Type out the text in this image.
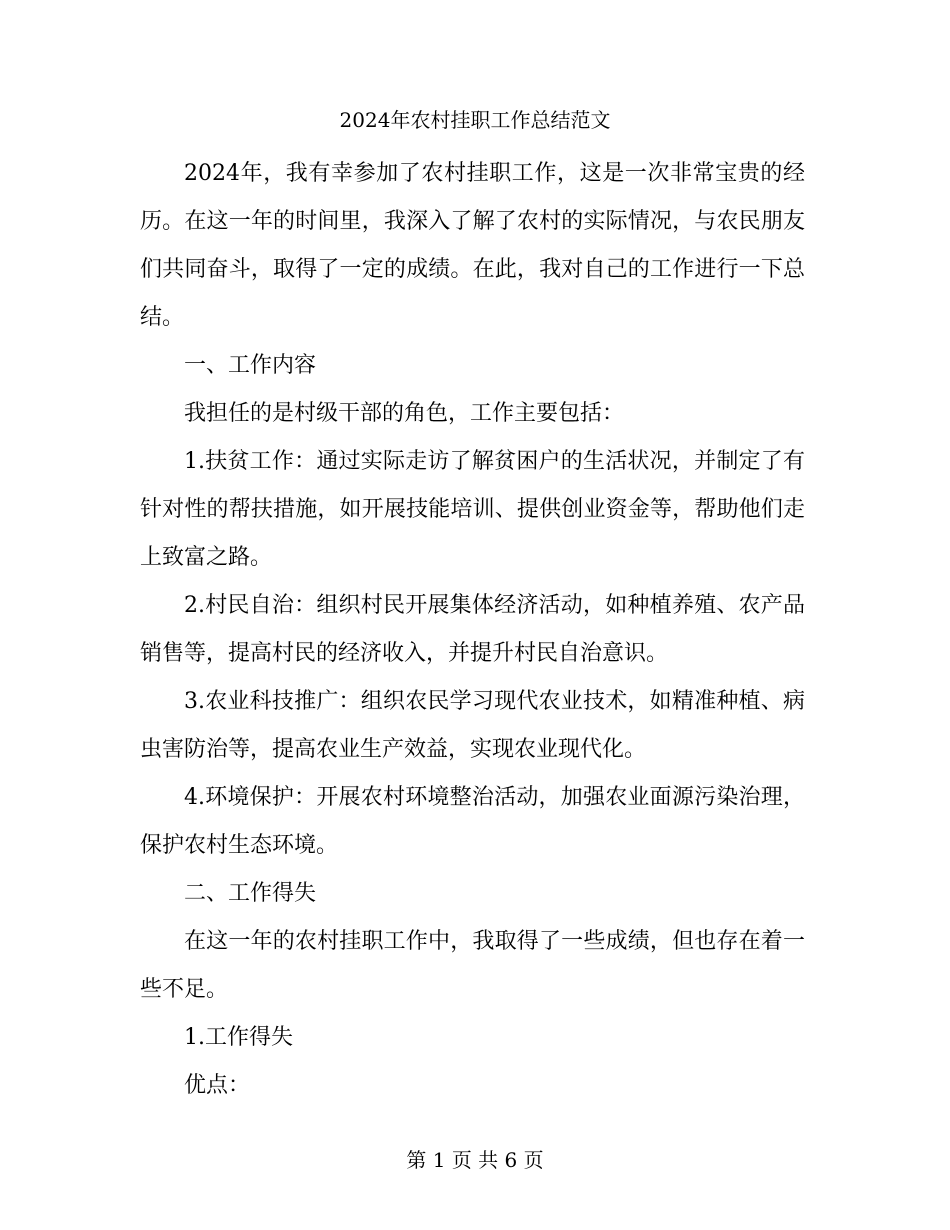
2024年农村挂职工作总结范文

2024年，我有幸参加了农村挂职工作，这是一次非常宝贵的经历。在这一年的时间里，我深入了解了农村的实际情况，与农民朋友们共同奋斗，取得了一定的成绩。在此，我对自己的工作进行一下总结。

一、工作内容

我担任的是村级干部的角色，工作主要包括：

1.扶贫工作：通过实际走访了解贫困户的生活状况，并制定了有针对性的帮扶措施，如开展技能培训、提供创业资金等，帮助他们走上致富之路。

2.村民自治：组织村民开展集体经济活动，如种植养殖、农产品销售等，提高村民的经济收入，并提升村民自治意识。

3.农业科技推广：组织农民学习现代农业技术，如精准种植、病虫害防治等，提高农业生产效益，实现农业现代化。

4.环境保护：开展农村环境整治活动，加强农业面源污染治理，保护农村生态环境。

二、工作得失

在这一年的农村挂职工作中，我取得了一些成绩，但也存在着一些不足。

1.工作得失

优点：

第 1 页 共 6 页
